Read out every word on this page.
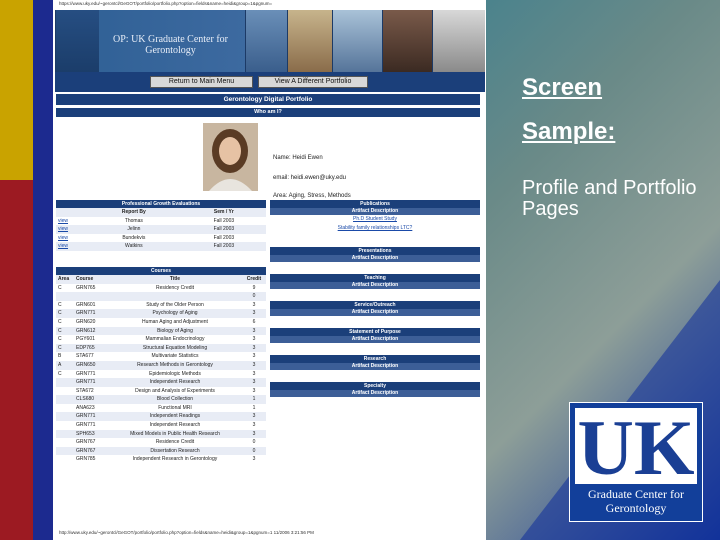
https://www.uky.edu/~gerontcl/GeGOT/portfolio/portfolio.php?option=fields&name=heidi&group=1&pgnum=
OP: UK Graduate Center for Gerontology
Return to Main Menu	View A Different Portfolio
Gerontology Digital Portfolio
Who am I?
Name: Heidi Ewen
email: heidi.ewen@uky.edu
Area: Aging, Stress, Methods
Professional Growth Evaluations
	Report By	Sem / Yr
view	Thomas	Fall 2003
view	Jelinn	Fall 2003
view	Bundekvis	Fall 2003
view	Watkins	Fall 2003
Courses
Area	Course	Title	Credit
C	GRN765	Residency Credit	9
			0
C	GRN601	Study of the Older Person	3
C	GRN771	Psychology of Aging	3
C	GRN620	Human Aging and Adjustment	6
C	GRN612	Biology of Aging	3
C	PGY601	Mammalian Endocrinology	3
C	EDP765	Structural Equation Modeling	3
B	STA677	Multivariate Statistics	3
A	GRN650	Research Methods in Gerontology	3
C	GRN771	Epidemiologic Methods	3
	GRN771	Independent Research	3
	STA672	Design and Analysis of Experiments	3
	CLS680	Blood Collection	1
	ANA623	Functional MRI	1
	GRN771	Independent Readings	3
	GRN771	Independent Research	3
	SPH653	Mixed Models in Public Health Research	3
	GRN767	Residence Credit	0
	GRN767	Dissertation Research	0
	GRN785	Independent Research in Gerontology	3
Publications
Artifact Description
Ph.D Student Study
Stability family relationships LTC?
Presentations
Artifact Description
Teaching
Artifact Description
Service/Outreach
Artifact Description
Statement of Purpose
Artifact Description
Research
Artifact Description
Specialty
Artifact Description
http://www.uky.edu/~gerontcl/GeGOT/portfolio/portfolio.php?option=fields&name=heidi&group=1&pgnum=1 11/2006 3:21:56 PM
Screen
Sample:
Profile and Portfolio Pages
UK
Graduate Center for Gerontology
